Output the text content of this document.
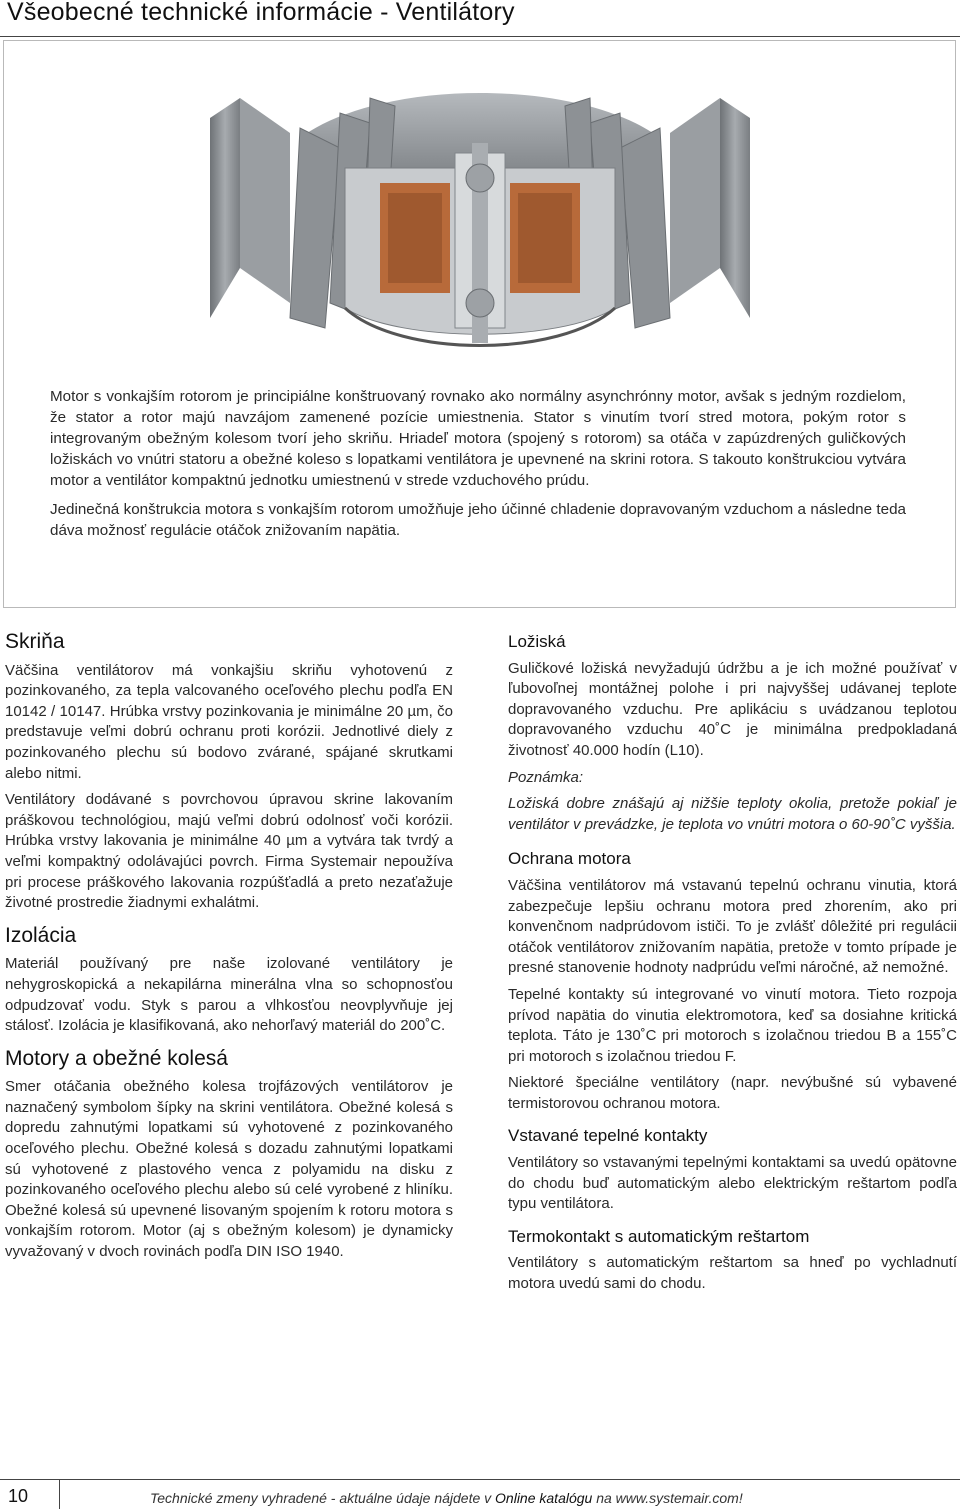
Všeobecné technické informácie - Ventilátory

Motor s vonkajším rotorom je principiálne konštruovaný rovnako ako normálny asynchrónny motor, avšak s jedným rozdielom, že stator a rotor majú navzájom zamenené pozície umiestnenia. Stator s vinutím tvorí stred motora, pokým rotor s integrovaným obežným kolesom tvorí jeho skriňu. Hriadeľ motora (spojený s rotorom) sa otáča v zapúzdrených guličkových ložiskách vo vnútri statoru a obežné koleso s lopatkami ventilátora je upevnené na skrini rotora. S takouto konštrukciou vytvára motor a ventilátor kompaktnú jednotku umiestnenú v strede vzduchového prúdu.

Jedinečná konštrukcia motora s vonkajším rotorom umožňuje jeho účinné chladenie dopravovaným vzduchom a následne teda dáva možnosť regulácie otáčok znižovaním napätia.

Skriňa

Väčšina ventilátorov má vonkajšiu skriňu vyhotovenú z pozinkovaného, za tepla valcovaného oceľového plechu podľa EN 10142 / 10147. Hrúbka vrstvy pozinkovania je minimálne 20 µm, čo predstavuje veľmi dobrú ochranu proti korózii. Jednotlivé diely z pozinkovaného plechu sú bodovo zvárané, spájané skrutkami alebo nitmi.

Ventilátory dodávané s povrchovou úpravou skrine lakovaním práškovou technológiou, majú veľmi dobrú odolnosť voči korózii. Hrúbka vrstvy lakovania je minimálne 40 µm a vytvára tak tvrdý a veľmi kompaktný odolávajúci povrch. Firma Systemair nepoužíva pri procese práškového lakovania rozpúšťadlá a preto nezaťažuje životné prostredie žiadnymi exhalátmi.

Izolácia

Materiál používaný pre naše izolované ventilátory je nehygroskopická a nekapilárna minerálna vlna so schopnosťou odpudzovať vodu. Styk s parou a vlhkosťou neovplyvňuje jej stálosť. Izolácia je klasifikovaná, ako nehorľavý materiál do 200˚C.

Motory a obežné kolesá

Smer otáčania obežného kolesa trojfázových ventilátorov je naznačený symbolom šípky na skrini ventilátora. Obežné kolesá s dopredu zahnutými lopatkami sú vyhotovené z pozinkovaného oceľového plechu. Obežné kolesá s dozadu zahnutými lopatkami sú vyhotovené z plastového venca z polyamidu na disku z pozinkovaného oceľového plechu alebo sú celé vyrobené z hliníku. Obežné kolesá sú upevnené lisovaným spojením k rotoru motora s vonkajším rotorom. Motor (aj s obežným kolesom) je dynamicky vyvažovaný v dvoch rovinách podľa DIN ISO 1940.

Ložiská

Guličkové ložiská nevyžadujú údržbu a je ich možné používať v ľubovoľnej montážnej polohe i pri najvyššej udávanej teplote dopravovaného vzduchu. Pre aplikáciu s uvádzanou teplotou dopravovaného vzduchu 40˚C je minimálna predpokladaná životnosť 40.000 hodín (L10).

Poznámka:

Ložiská dobre znášajú aj nižšie teploty okolia, pretože pokiaľ je ventilátor v prevádzke, je teplota vo vnútri motora o 60-90˚C vyššia.

Ochrana motora

Väčšina ventilátorov má vstavanú tepelnú ochranu vinutia, ktorá zabezpečuje lepšiu ochranu motora pred zhorením, ako pri konvenčnom nadprúdovom ističi. To je zvlášť dôležité pri regulácii otáčok ventilátorov znižovaním napätia, pretože v tomto prípade je presné stanovenie hodnoty nadprúdu veľmi náročné, až nemožné.

Tepelné kontakty sú integrované vo vinutí motora. Tieto rozpoja prívod napätia do vinutia elektromotora, keď sa dosiahne kritická teplota. Táto je 130˚C pri motoroch s izolačnou triedou B a 155˚C pri motoroch s izolačnou triedou F.

Niektoré špeciálne ventilátory (napr. nevýbušné sú vybavené termistorovou ochranou motora.

Vstavané tepelné kontakty

Ventilátory so vstavanými tepelnými kontaktami sa uvedú opätovne do chodu buď automatickým alebo elektrickým reštartom podľa typu ventilátora.

Termokontakt s automatickým reštartom

Ventilátory s automatickým reštartom sa hneď po vychladnutí motora uvedú sami do chodu.

10	Technické zmeny vyhradené - aktuálne údaje nájdete v Online katalógu na www.systemair.com!
